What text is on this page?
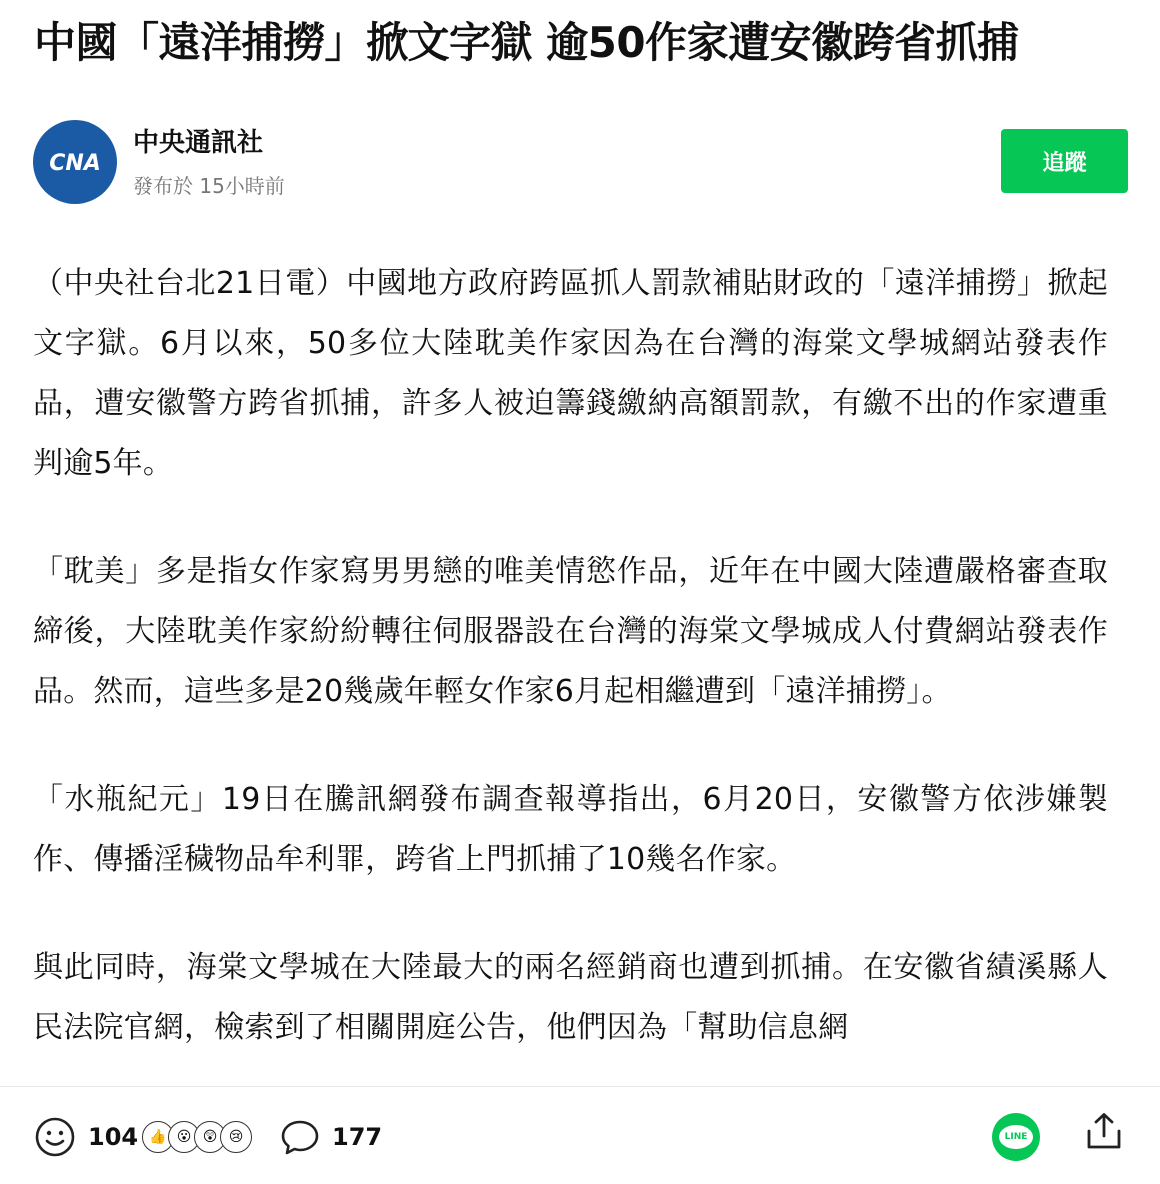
中國「遠洋捕撈」掀文字獄 逾50作家遭安徽跨省抓捕
CNA
中央通訊社
發布於 15小時前
追蹤

（中央社台北21日電）中國地方政府跨區抓人罰款補貼財政的「遠洋捕撈」掀起文字獄。6月以來，50多位大陸耽美作家因為在台灣的海棠文學城網站發表作品，遭安徽警方跨省抓捕，許多人被迫籌錢繳納高額罰款，有繳不出的作家遭重判逾5年。

「耽美」多是指女作家寫男男戀的唯美情慾作品，近年在中國大陸遭嚴格審查取締後，大陸耽美作家紛紛轉往伺服器設在台灣的海棠文學城成人付費網站發表作品。然而，這些多是20幾歲年輕女作家6月起相繼遭到「遠洋捕撈」。

「水瓶紀元」19日在騰訊網發布調查報導指出，6月20日，安徽警方依涉嫌製作、傳播淫穢物品牟利罪，跨省上門抓捕了10幾名作家。

與此同時，海棠文學城在大陸最大的兩名經銷商也遭到抓捕。在安徽省績溪縣人民法院官網，檢索到了相關開庭公告，他們因為「幫助信息網

104 👍 😮 😲 😢	177	LINE
